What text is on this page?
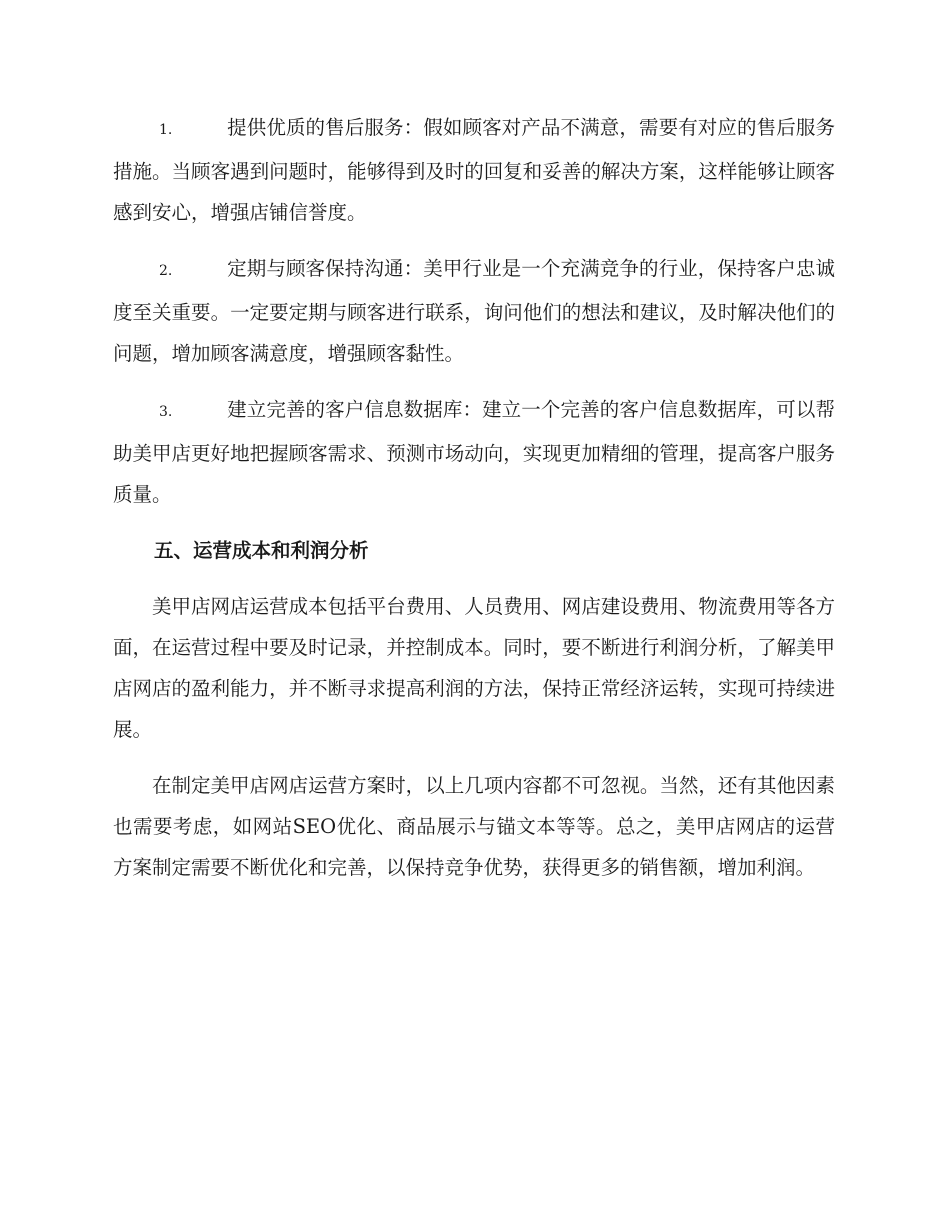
1.	提供优质的售后服务：假如顾客对产品不满意，需要有对应的售后服务措施。当顾客遇到问题时，能够得到及时的回复和妥善的解决方案，这样能够让顾客感到安心，增强店铺信誉度。

2.	定期与顾客保持沟通：美甲行业是一个充满竞争的行业，保持客户忠诚度至关重要。一定要定期与顾客进行联系，询问他们的想法和建议，及时解决他们的问题，增加顾客满意度，增强顾客黏性。

3.	建立完善的客户信息数据库：建立一个完善的客户信息数据库，可以帮助美甲店更好地把握顾客需求、预测市场动向，实现更加精细的管理，提高客户服务质量。

五、运营成本和利润分析

美甲店网店运营成本包括平台费用、人员费用、网店建设费用、物流费用等各方面，在运营过程中要及时记录，并控制成本。同时，要不断进行利润分析，了解美甲店网店的盈利能力，并不断寻求提高利润的方法，保持正常经济运转，实现可持续进展。

在制定美甲店网店运营方案时，以上几项内容都不可忽视。当然，还有其他因素也需要考虑，如网站SEO优化、商品展示与锚文本等等。总之，美甲店网店的运营方案制定需要不断优化和完善，以保持竞争优势，获得更多的销售额，增加利润。
